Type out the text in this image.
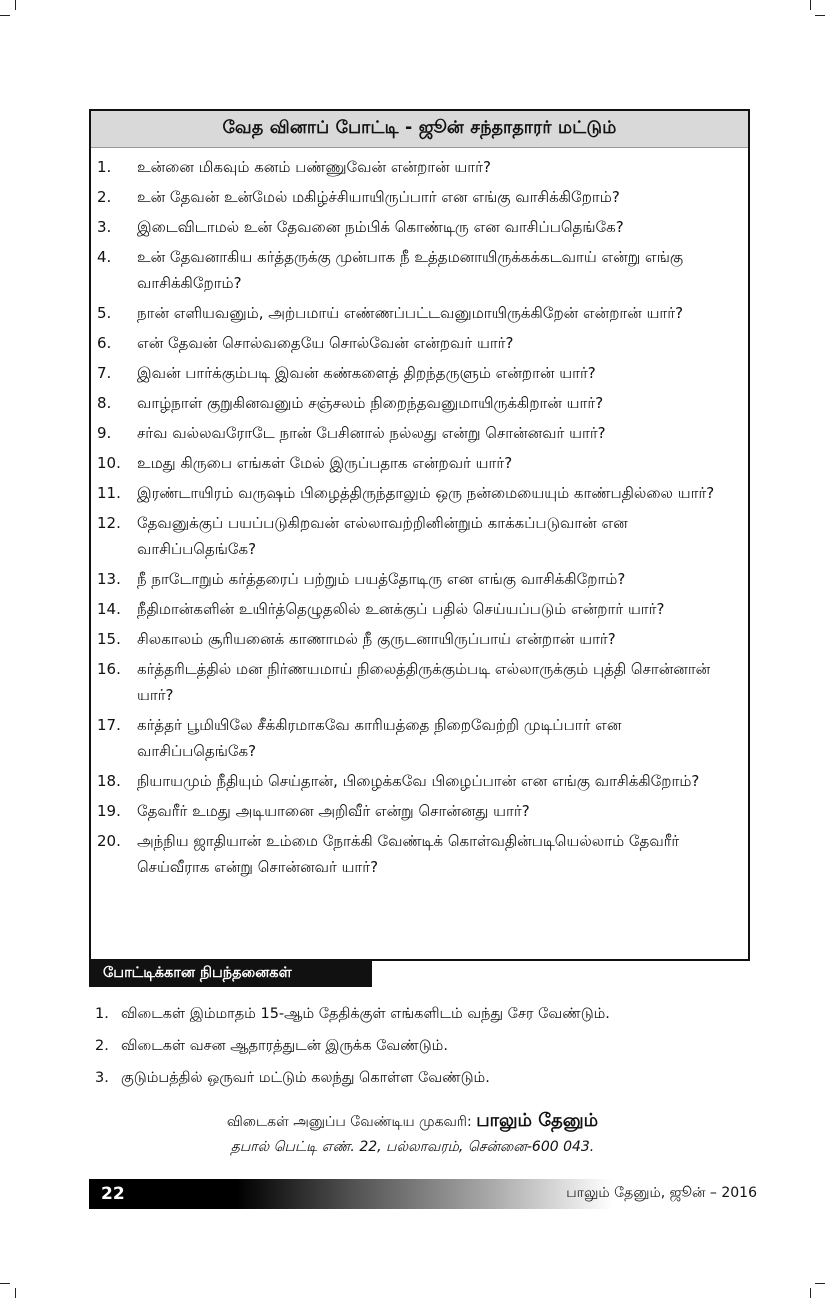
வேத வினாப் போட்டி - ஜூன் சந்தாதாரர் மட்டும்
1.	உன்னை மிகவும் கனம் பண்ணுவேன் என்றான் யார்?
2.	உன் தேவன் உன்மேல் மகிழ்ச்சியாயிருப்பார் என எங்கு வாசிக்கிறோம்?
3.	இடைவிடாமல் உன் தேவனை நம்பிக் கொண்டிரு என வாசிப்பதெங்கே?
4.	உன் தேவனாகிய கர்த்தருக்கு முன்பாக நீ உத்தமனாயிருக்கக்கடவாய் என்று எங்கு வாசிக்கிறோம்?
5.	நான் எளியவனும், அற்பமாய் எண்ணப்பட்டவனுமாயிருக்கிறேன் என்றான் யார்?
6.	என் தேவன் சொல்வதையே சொல்வேன் என்றவர் யார்?
7.	இவன் பார்க்கும்படி இவன் கண்களைத் திறந்தருளும் என்றான் யார்?
8.	வாழ்நாள் குறுகினவனும் சஞ்சலம் நிறைந்தவனுமாயிருக்கிறான் யார்?
9.	சர்வ வல்லவரோடே நான் பேசினால் நல்லது என்று சொன்னவர் யார்?
10.	உமது கிருபை எங்கள் மேல் இருப்பதாக என்றவர் யார்?
11.	இரண்டாயிரம் வருஷம் பிழைத்திருந்தாலும் ஒரு நன்மையையும் காண்பதில்லை யார்?
12.	தேவனுக்குப் பயப்படுகிறவன் எல்லாவற்றினின்றும் காக்கப்படுவான் என வாசிப்பதெங்கே?
13.	நீ நாடோறும் கர்த்தரைப் பற்றும் பயத்தோடிரு என எங்கு வாசிக்கிறோம்?
14.	நீதிமான்களின் உயிர்த்தெழுதலில் உனக்குப் பதில் செய்யப்படும் என்றார் யார்?
15.	சிலகாலம் சூரியனைக் காணாமல் நீ குருடனாயிருப்பாய் என்றான் யார்?
16.	கர்த்தரிடத்தில் மன நிர்ணயமாய் நிலைத்திருக்கும்படி எல்லாருக்கும் புத்தி சொன்னான் யார்?
17.	கர்த்தர் பூமியிலே சீக்கிரமாகவே காரியத்தை நிறைவேற்றி முடிப்பார் என வாசிப்பதெங்கே?
18.	நியாயமும் நீதியும் செய்தான், பிழைக்கவே பிழைப்பான் என எங்கு வாசிக்கிறோம்?
19.	தேவரீர் உமது அடியானை அறிவீர் என்று சொன்னது யார்?
20.	அந்நிய ஜாதியான் உம்மை நோக்கி வேண்டிக் கொள்வதின்படியெல்லாம் தேவரீர் செய்வீராக என்று சொன்னவர் யார்?
போட்டிக்கான நிபந்தனைகள்
1. விடைகள் இம்மாதம் 15-ஆம் தேதிக்குள் எங்களிடம் வந்து சேர வேண்டும்.
2. விடைகள் வசன ஆதாரத்துடன் இருக்க வேண்டும்.
3. குடும்பத்தில் ஒருவர் மட்டும் கலந்து கொள்ள வேண்டும்.
விடைகள் அனுப்ப வேண்டிய முகவரி: பாலும் தேனும்
தபால் பெட்டி எண். 22, பல்லாவரம், சென்னை-600 043.
22	பாலும் தேனும், ஜூன் – 2016
